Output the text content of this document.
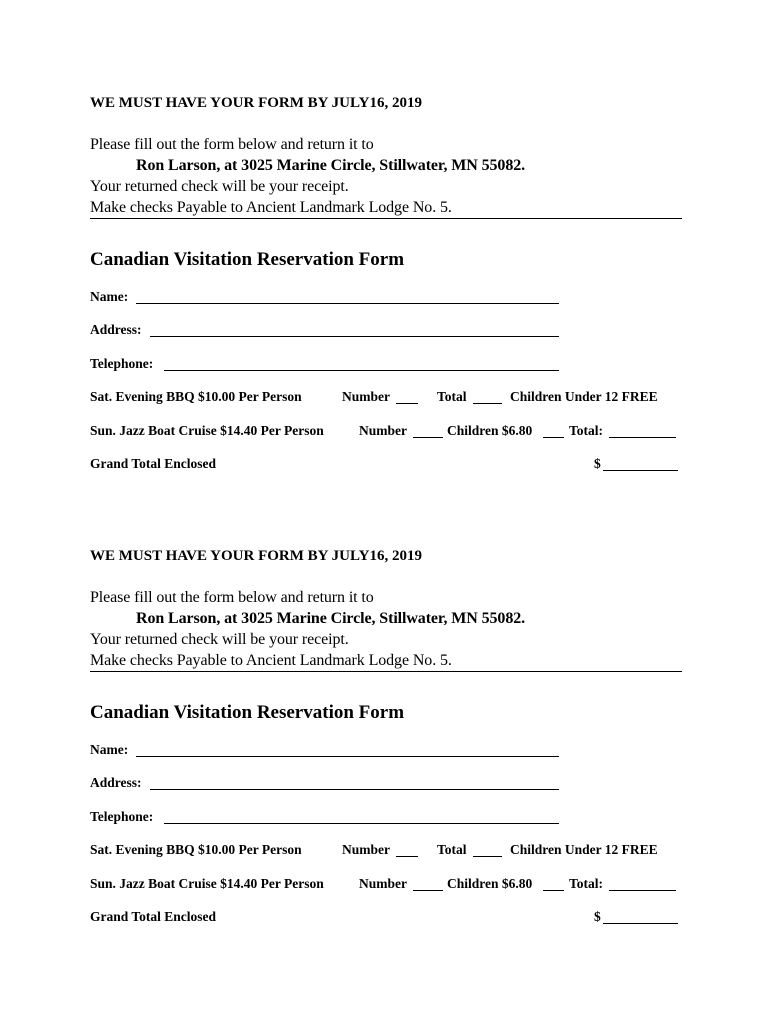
WE MUST HAVE YOUR FORM BY JULY16, 2019
Please fill out the form below and return it to
Ron Larson, at 3025 Marine Circle, Stillwater, MN 55082.
Your returned check will be your receipt.
Make checks Payable to Ancient Landmark Lodge No. 5.
Canadian Visitation Reservation Form
Name:
Address:
Telephone:
Sat. Evening BBQ $10.00 Per Person	Number	Total	Children Under 12 FREE
Sun. Jazz Boat Cruise $14.40 Per Person	Number	Children $6.80	Total:
Grand Total Enclosed	$
WE MUST HAVE YOUR FORM BY JULY16, 2019
Please fill out the form below and return it to
Ron Larson, at 3025 Marine Circle, Stillwater, MN 55082.
Your returned check will be your receipt.
Make checks Payable to Ancient Landmark Lodge No. 5.
Canadian Visitation Reservation Form
Name:
Address:
Telephone:
Sat. Evening BBQ $10.00 Per Person	Number	Total	Children Under 12 FREE
Sun. Jazz Boat Cruise $14.40 Per Person	Number	Children $6.80	Total:
Grand Total Enclosed	$
